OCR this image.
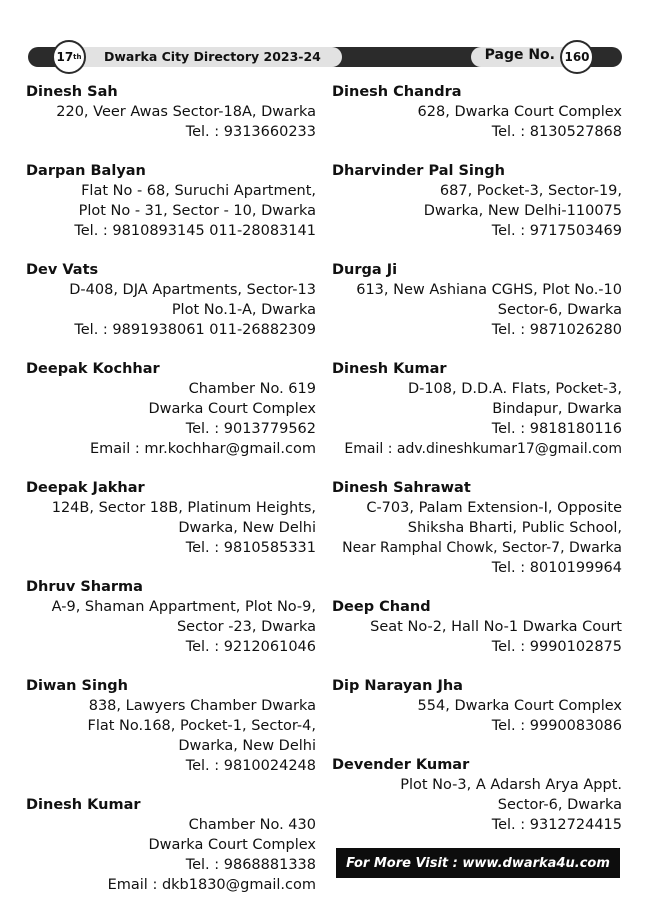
17 th Dwarka City Directory 2023-24	Page No. 160
Dinesh Sah
220, Veer Awas Sector-18A, Dwarka
Tel. : 9313660233
Darpan Balyan
Flat No - 68, Suruchi Apartment,
Plot No - 31, Sector - 10, Dwarka
Tel. : 9810893145 011-28083141
Dev Vats
D-408, DJA Apartments, Sector-13
Plot No.1-A, Dwarka
Tel. : 9891938061 011-26882309
Deepak Kochhar
Chamber No. 619
Dwarka Court Complex
Tel. : 9013779562
Email : mr.kochhar@gmail.com
Deepak Jakhar
124B, Sector 18B, Platinum Heights,
Dwarka, New Delhi
Tel. : 9810585331
Dhruv Sharma
A-9, Shaman Appartment, Plot No-9,
Sector -23, Dwarka
Tel. : 9212061046
Diwan Singh
838, Lawyers Chamber Dwarka
Flat No.168, Pocket-1, Sector-4,
Dwarka, New Delhi
Tel. : 9810024248
Dinesh Kumar
Chamber No. 430
Dwarka Court Complex
Tel. : 9868881338
Email : dkb1830@gmail.com
Dinesh Chandra
628, Dwarka Court Complex
Tel. : 8130527868
Dharvinder Pal Singh
687, Pocket-3, Sector-19,
Dwarka, New Delhi-110075
Tel. : 9717503469
Durga Ji
613, New Ashiana CGHS, Plot No.-10
Sector-6, Dwarka
Tel. : 9871026280
Dinesh Kumar
D-108, D.D.A. Flats, Pocket-3,
Bindapur, Dwarka
Tel. : 9818180116
Email : adv.dineshkumar17@gmail.com
Dinesh Sahrawat
C-703, Palam Extension-I, Opposite
Shiksha Bharti, Public School,
Near Ramphal Chowk, Sector-7, Dwarka
Tel. : 8010199964
Deep Chand
Seat No-2, Hall No-1 Dwarka Court
Tel. : 9990102875
Dip Narayan Jha
554, Dwarka Court Complex
Tel. : 9990083086
Devender Kumar
Plot No-3, A Adarsh Arya Appt.
Sector-6, Dwarka
Tel. : 9312724415
For More Visit : www.dwarka4u.com
